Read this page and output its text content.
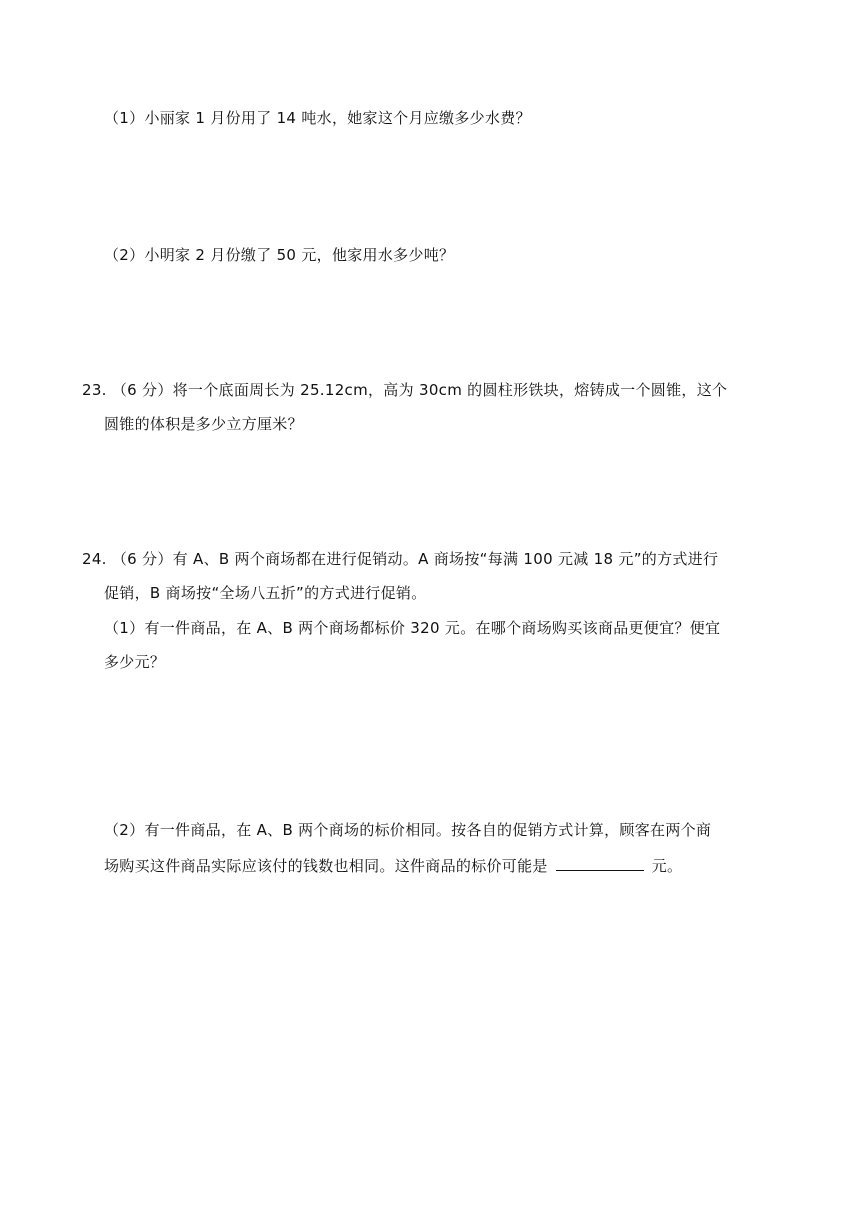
（1）小丽家 1 月份用了 14 吨水，她家这个月应缴多少水费？
（2）小明家 2 月份缴了 50 元，他家用水多少吨？
23. （6 分）将一个底面周长为 25.12cm，高为 30cm 的圆柱形铁块，熔铸成一个圆锥，这个
圆锥的体积是多少立方厘米？
24. （6 分）有 A、B 两个商场都在进行促销动。A 商场按“每满 100 元减 18 元”的方式进行
促销，B 商场按“全场八五折”的方式进行促销。
（1）有一件商品，在 A、B 两个商场都标价 320 元。在哪个商场购买该商品更便宜？便宜
多少元？
（2）有一件商品，在 A、B 两个商场的标价相同。按各自的促销方式计算，顾客在两个商
场购买这件商品实际应该付的钱数也相同。这件商品的标价可能是	元。
